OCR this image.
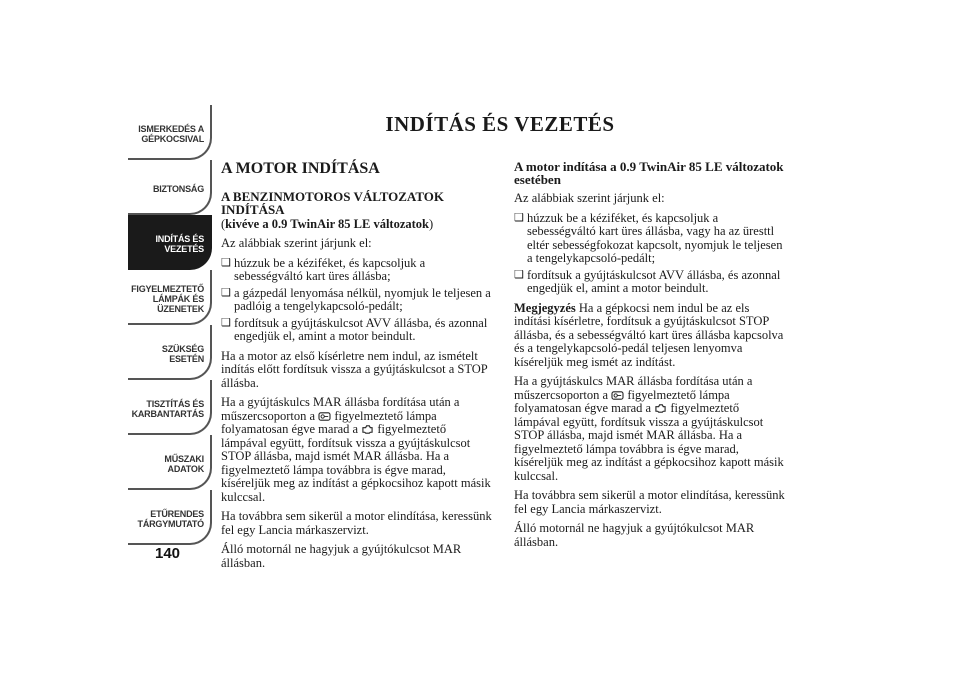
ISMERKEDÉS A
GÉPKOCSIVAL
BIZTONSÁG
INDÍTÁS ÉS
VEZETÉS
FIGYELMEZTETŐ
LÁMPÁK ÉS
ÜZENETEK
SZÜKSÉG ESETÉN
TISZTÍTÁS ÉS
KARBANTARTÁS
MŰSZAKI ADATOK
ETŰRENDES
TÁRGYMUTATÓ
140
INDÍTÁS ÉS VEZETÉS
A MOTOR INDÍTÁSA
A BENZINMOTOROS VÁLTOZATOK INDÍTÁSA

(kivéve a 0.9 TwinAir 85 LE változatok)

Az alábbiak szerint járjunk el:

❑ húzzuk be a kéziféket, és kapcsoljuk a sebességváltó kart üres állásba;
❑ a gázpedál lenyomása nélkül, nyomjuk le teljesen a padlóig a tengelykapcsoló-pedált;
❑ fordítsuk a gyújtáskulcsot AVV állásba, és azonnal engedjük el, amint a motor beindult.

Ha a motor az első kísérletre nem indul, az ismételt indítás előtt fordítsuk vissza a gyújtáskulcsot a STOP állásba.

Ha a gyújtáskulcs MAR állásba fordítása után a műszercsoporton a figyelmeztető lámpa folyamatosan égve marad a figyelmeztető lámpával együtt, fordítsuk vissza a gyújtáskulcsot STOP állásba, majd ismét MAR állásba. Ha a figyelmeztető lámpa továbbra is égve marad, kíséreljük meg az indítást a gépkocsihoz kapott másik kulccsal.

Ha továbbra sem sikerül a motor elindítása, keressünk fel egy Lancia márkaszervizt.

Álló motornál ne hagyjuk a gyújtókulcsot MAR állásban.

A motor indítása a 0.9 TwinAir 85 LE változatok esetében

Az alábbiak szerint járjunk el:

❑ húzzuk be a kéziféket, és kapcsoljuk a sebességváltó kart üres állásba, vagy ha az üresttl eltér sebességfokozat kapcsolt, nyomjuk le teljesen a tengelykapcsoló-pedált;
❑ fordítsuk a gyújtáskulcsot AVV állásba, és azonnal engedjük el, amint a motor beindult.

Megjegyzés Ha a gépkocsi nem indul be az els indítási kísérletre, fordítsuk a gyújtáskulcsot STOP állásba, és a sebességváltó kart üres állásba kapcsolva és a tengelykapcsoló-pedál teljesen lenyomva kíséreljük meg ismét az indítást.

Ha a gyújtáskulcs MAR állásba fordítása után a műszercsoporton a figyelmeztető lámpa folyamatosan égve marad a figyelmeztető lámpával együtt, fordítsuk vissza a gyújtáskulcsot STOP állásba, majd ismét MAR állásba. Ha a figyelmeztető lámpa továbbra is égve marad, kíséreljük meg az indítást a gépkocsihoz kapott másik kulccsal.

Ha továbbra sem sikerül a motor elindítása, keressünk fel egy Lancia márkaszervizt.

Álló motornál ne hagyjuk a gyújtókulcsot MAR állásban.
